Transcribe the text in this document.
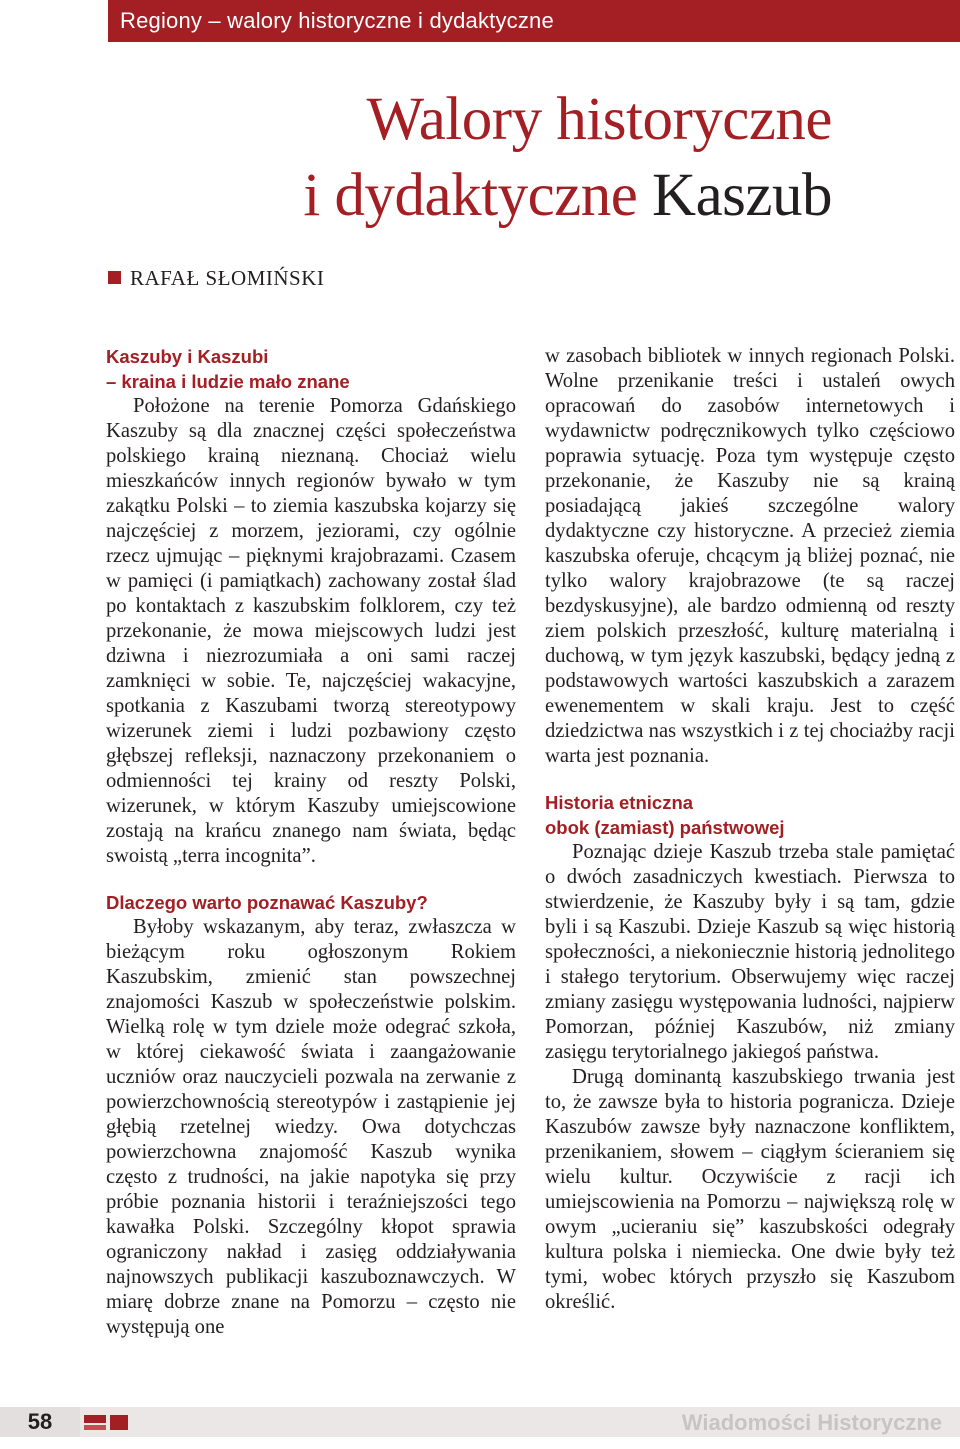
Regiony – walory historyczne i dydaktyczne
Walory historyczne
i dydaktyczne Kaszub
RAFAŁ SŁOMIŃSKI
Kaszuby i Kaszubi
– kraina i ludzie mało znane

Położone na terenie Pomorza Gdańskiego Kaszuby są dla znacznej części społeczeństwa polskiego krainą nieznaną. Chociaż wielu mieszkańców innych regionów bywało w tym zakątku Polski – to ziemia kaszubska kojarzy się najczęściej z morzem, jeziorami, czy ogólnie rzecz ujmując – pięknymi krajobrazami. Czasem w pamięci (i pamiątkach) zachowany został ślad po kontaktach z kaszubskim folklorem, czy też przekonanie, że mowa miejscowych ludzi jest dziwna i niezrozumiała a oni sami raczej zamknięci w sobie. Te, najczęściej wakacyjne, spotkania z Kaszubami tworzą stereotypowy wizerunek ziemi i ludzi pozbawiony często głębszej refleksji, naznaczony przekonaniem o odmienności tej krainy od reszty Polski, wizerunek, w którym Kaszuby umiejscowione zostają na krańcu znanego nam świata, będąc swoistą „terra incognita”.

Dlaczego warto poznawać Kaszuby?

Byłoby wskazanym, aby teraz, zwłaszcza w bieżącym roku ogłoszonym Rokiem Kaszubskim, zmienić stan powszechnej znajomości Kaszub w społeczeństwie polskim. Wielką rolę w tym dziele może odegrać szkoła, w której ciekawość świata i zaangażowanie uczniów oraz nauczycieli pozwala na zerwanie z powierzchownością stereotypów i zastąpienie jej głębią rzetelnej wiedzy. Owa dotychczas powierzchowna znajomość Kaszub wynika często z trudności, na jakie napotyka się przy próbie poznania historii i teraźniejszości tego kawałka Polski. Szczególny kłopot sprawia ograniczony nakład i zasięg oddziaływania najnowszych publikacji kaszuboznawczych. W miarę dobrze znane na Pomorzu – często nie występują one

w zasobach bibliotek w innych regionach Polski. Wolne przenikanie treści i ustaleń owych opracowań do zasobów internetowych i wydawnictw podręcznikowych tylko częściowo poprawia sytuację. Poza tym występuje często przekonanie, że Kaszuby nie są krainą posiadającą jakieś szczególne walory dydaktyczne czy historyczne. A przecież ziemia kaszubska oferuje, chcącym ją bliżej poznać, nie tylko walory krajobrazowe (te są raczej bezdyskusyjne), ale bardzo odmienną od reszty ziem polskich przeszłość, kulturę materialną i duchową, w tym język kaszubski, będący jedną z podstawowych wartości kaszubskich a zarazem ewenementem w skali kraju. Jest to część dziedzictwa nas wszystkich i z tej chociażby racji warta jest poznania.

Historia etniczna
obok (zamiast) państwowej

Poznając dzieje Kaszub trzeba stale pamiętać o dwóch zasadniczych kwestiach. Pierwsza to stwierdzenie, że Kaszuby były i są tam, gdzie byli i są Kaszubi. Dzieje Kaszub są więc historią społeczności, a niekoniecznie historią jednolitego i stałego terytorium. Obserwujemy więc raczej zmiany zasięgu występowania ludności, najpierw Pomorzan, później Kaszubów, niż zmiany zasięgu terytorialnego jakiegoś państwa.

Drugą dominantą kaszubskiego trwania jest to, że zawsze była to historia pogranicza. Dzieje Kaszubów zawsze były naznaczone konfliktem, przenikaniem, słowem – ciągłym ścieraniem się wielu kultur. Oczywiście z racji ich umiejscowienia na Pomorzu – największą rolę w owym „ucieraniu się” kaszubskości odegrały kultura polska i niemiecka. One dwie były też tymi, wobec których przyszło się Kaszubom określić.

58	Wiadomości Historyczne
